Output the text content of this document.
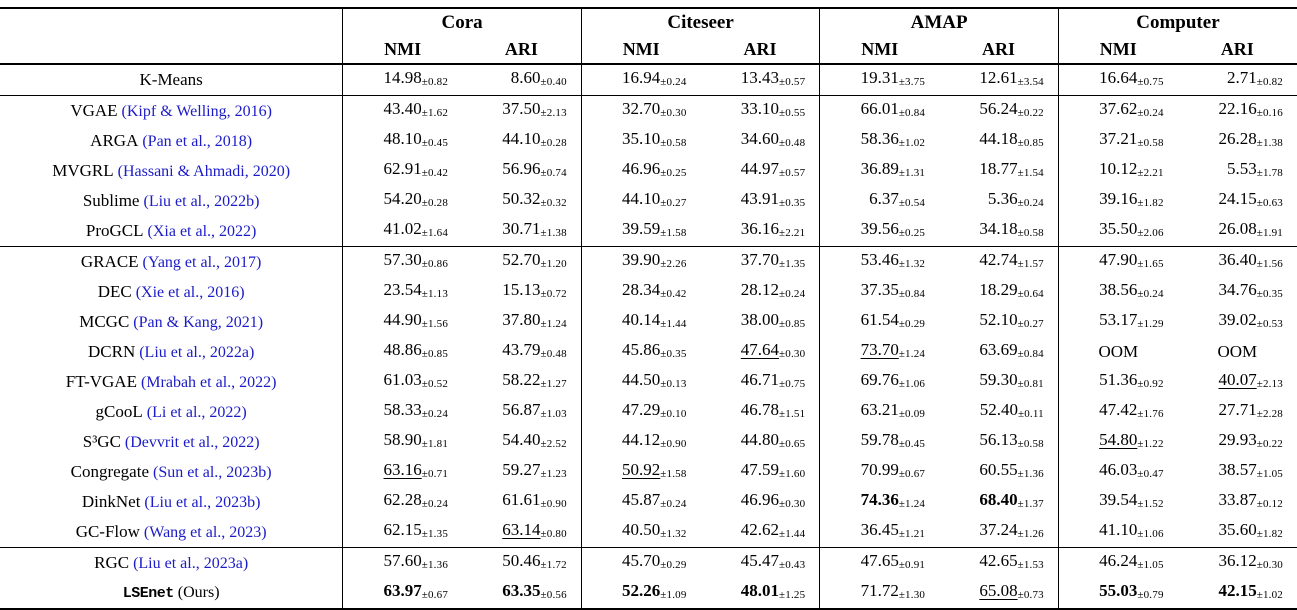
	Cora		Citeseer		AMAP		Computer	
	NMI	ARI	NMI	ARI	NMI	ARI	NMI	ARI
K-Means	14.98±0.82	8.60±0.40	16.94±0.24	13.43±0.57	19.31±3.75	12.61±3.54	16.64±0.75	2.71±0.82
VGAE (Kipf & Welling, 2016)	43.40±1.62	37.50±2.13	32.70±0.30	33.10±0.55	66.01±0.84	56.24±0.22	37.62±0.24	22.16±0.16
ARGA (Pan et al., 2018)	48.10±0.45	44.10±0.28	35.10±0.58	34.60±0.48	58.36±1.02	44.18±0.85	37.21±0.58	26.28±1.38
MVGRL (Hassani & Ahmadi, 2020)	62.91±0.42	56.96±0.74	46.96±0.25	44.97±0.57	36.89±1.31	18.77±1.54	10.12±2.21	5.53±1.78
Sublime (Liu et al., 2022b)	54.20±0.28	50.32±0.32	44.10±0.27	43.91±0.35	6.37±0.54	5.36±0.24	39.16±1.82	24.15±0.63
ProGCL (Xia et al., 2022)	41.02±1.64	30.71±1.38	39.59±1.58	36.16±2.21	39.56±0.25	34.18±0.58	35.50±2.06	26.08±1.91
GRACE (Yang et al., 2017)	57.30±0.86	52.70±1.20	39.90±2.26	37.70±1.35	53.46±1.32	42.74±1.57	47.90±1.65	36.40±1.56
DEC (Xie et al., 2016)	23.54±1.13	15.13±0.72	28.34±0.42	28.12±0.24	37.35±0.84	18.29±0.64	38.56±0.24	34.76±0.35
MCGC (Pan & Kang, 2021)	44.90±1.56	37.80±1.24	40.14±1.44	38.00±0.85	61.54±0.29	52.10±0.27	53.17±1.29	39.02±0.53
DCRN (Liu et al., 2022a)	48.86±0.85	43.79±0.48	45.86±0.35	47.64±0.30	73.70±1.24	63.69±0.84	OOM	OOM
FT-VGAE (Mrabah et al., 2022)	61.03±0.52	58.22±1.27	44.50±0.13	46.71±0.75	69.76±1.06	59.30±0.81	51.36±0.92	40.07±2.13
gCooL (Li et al., 2022)	58.33±0.24	56.87±1.03	47.29±0.10	46.78±1.51	63.21±0.09	52.40±0.11	47.42±1.76	27.71±2.28
S³GC (Devvrit et al., 2022)	58.90±1.81	54.40±2.52	44.12±0.90	44.80±0.65	59.78±0.45	56.13±0.58	54.80±1.22	29.93±0.22
Congregate (Sun et al., 2023b)	63.16±0.71	59.27±1.23	50.92±1.58	47.59±1.60	70.99±0.67	60.55±1.36	46.03±0.47	38.57±1.05
DinkNet (Liu et al., 2023b)	62.28±0.24	61.61±0.90	45.87±0.24	46.96±0.30	74.36±1.24	68.40±1.37	39.54±1.52	33.87±0.12
GC-Flow (Wang et al., 2023)	62.15±1.35	63.14±0.80	40.50±1.32	42.62±1.44	36.45±1.21	37.24±1.26	41.10±1.06	35.60±1.82
RGC (Liu et al., 2023a)	57.60±1.36	50.46±1.72	45.70±0.29	45.47±0.43	47.65±0.91	42.65±1.53	46.24±1.05	36.12±0.30
LSEnet (Ours)	63.97±0.67	63.35±0.56	52.26±1.09	48.01±1.25	71.72±1.30	65.08±0.73	55.03±0.79	42.15±1.02
